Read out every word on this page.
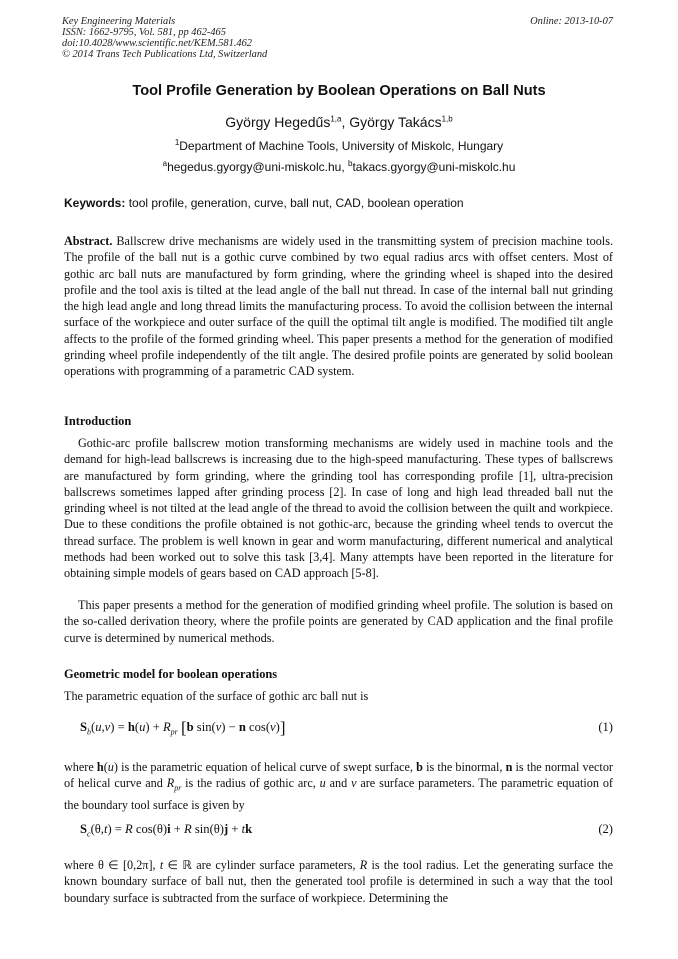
Key Engineering Materials
ISSN: 1662-9795, Vol. 581, pp 462-465
doi:10.4028/www.scientific.net/KEM.581.462
© 2014 Trans Tech Publications Ltd, Switzerland
Online: 2013-10-07
Tool Profile Generation by Boolean Operations on Ball Nuts
György Hegedűs$^{1,a}$, György Takács$^{1,b}$
$^1$Department of Machine Tools, University of Miskolc, Hungary
$^a$hegedus.gyorgy@uni-miskolc.hu, $^b$takacs.gyorgy@uni-miskolc.hu
Keywords: tool profile, generation, curve, ball nut, CAD, boolean operation
Abstract. Ballscrew drive mechanisms are widely used in the transmitting system of precision machine tools. The profile of the ball nut is a gothic curve combined by two equal radius arcs with offset centers. Most of gothic arc ball nuts are manufactured by form grinding, where the grinding wheel is shaped into the desired profile and the tool axis is tilted at the lead angle of the ball nut thread. In case of the internal ball nut grinding the high lead angle and long thread limits the manufacturing process. To avoid the collision between the internal surface of the workpiece and outer surface of the quill the optimal tilt angle is modified. The modified tilt angle affects to the profile of the formed grinding wheel. This paper presents a method for the generation of modified grinding wheel profile independently of the tilt angle. The desired profile points are generated by solid boolean operations with programming of a parametric CAD system.
Introduction
Gothic-arc profile ballscrew motion transforming mechanisms are widely used in machine tools and the demand for high-lead ballscrews is increasing due to the high-speed manufacturing. These types of ballscrews are manufactured by form grinding, where the grinding tool has corresponding profile [1], ultra-precision ballscrews sometimes lapped after grinding process [2]. In case of long and high lead threaded ball nut the grinding wheel is not tilted at the lead angle of the thread to avoid the collision between the quilt and workpiece. Due to these conditions the profile obtained is not gothic-arc, because the grinding wheel tends to overcut the thread surface. The problem is well known in gear and worm manufacturing, different numerical and analytical methods had been worked out to solve this task [3,4]. Many attempts have been reported in the literature for obtaining simple models of gears based on CAD approach [5-8].
This paper presents a method for the generation of modified grinding wheel profile. The solution is based on the so-called derivation theory, where the profile points are generated by CAD application and the final profile curve is determined by numerical methods.
Geometric model for boolean operations
The parametric equation of the surface of gothic arc ball nut is
$S_b(u,v) = h(u) + R_{pr}$ [b sin(v) − n cos(v)]	(1)
where h(u) is the parametric equation of helical curve of swept surface, b is the binormal, n is the normal vector of helical curve and $R_{pr}$ is the radius of gothic arc, u and v are surface parameters. The parametric equation of the boundary tool surface is given by
$S_c(\theta,t) = R$ cos(θ)i + R sin(θ)j + tk	(2)
where θ ∈ [0,2π], t ∈ ℝ are cylinder surface parameters, R is the tool radius. Let the generating surface the known boundary surface of ball nut, then the generated tool profile is determined in such a way that the tool boundary surface is subtracted from the surface of workpiece. Determining the
